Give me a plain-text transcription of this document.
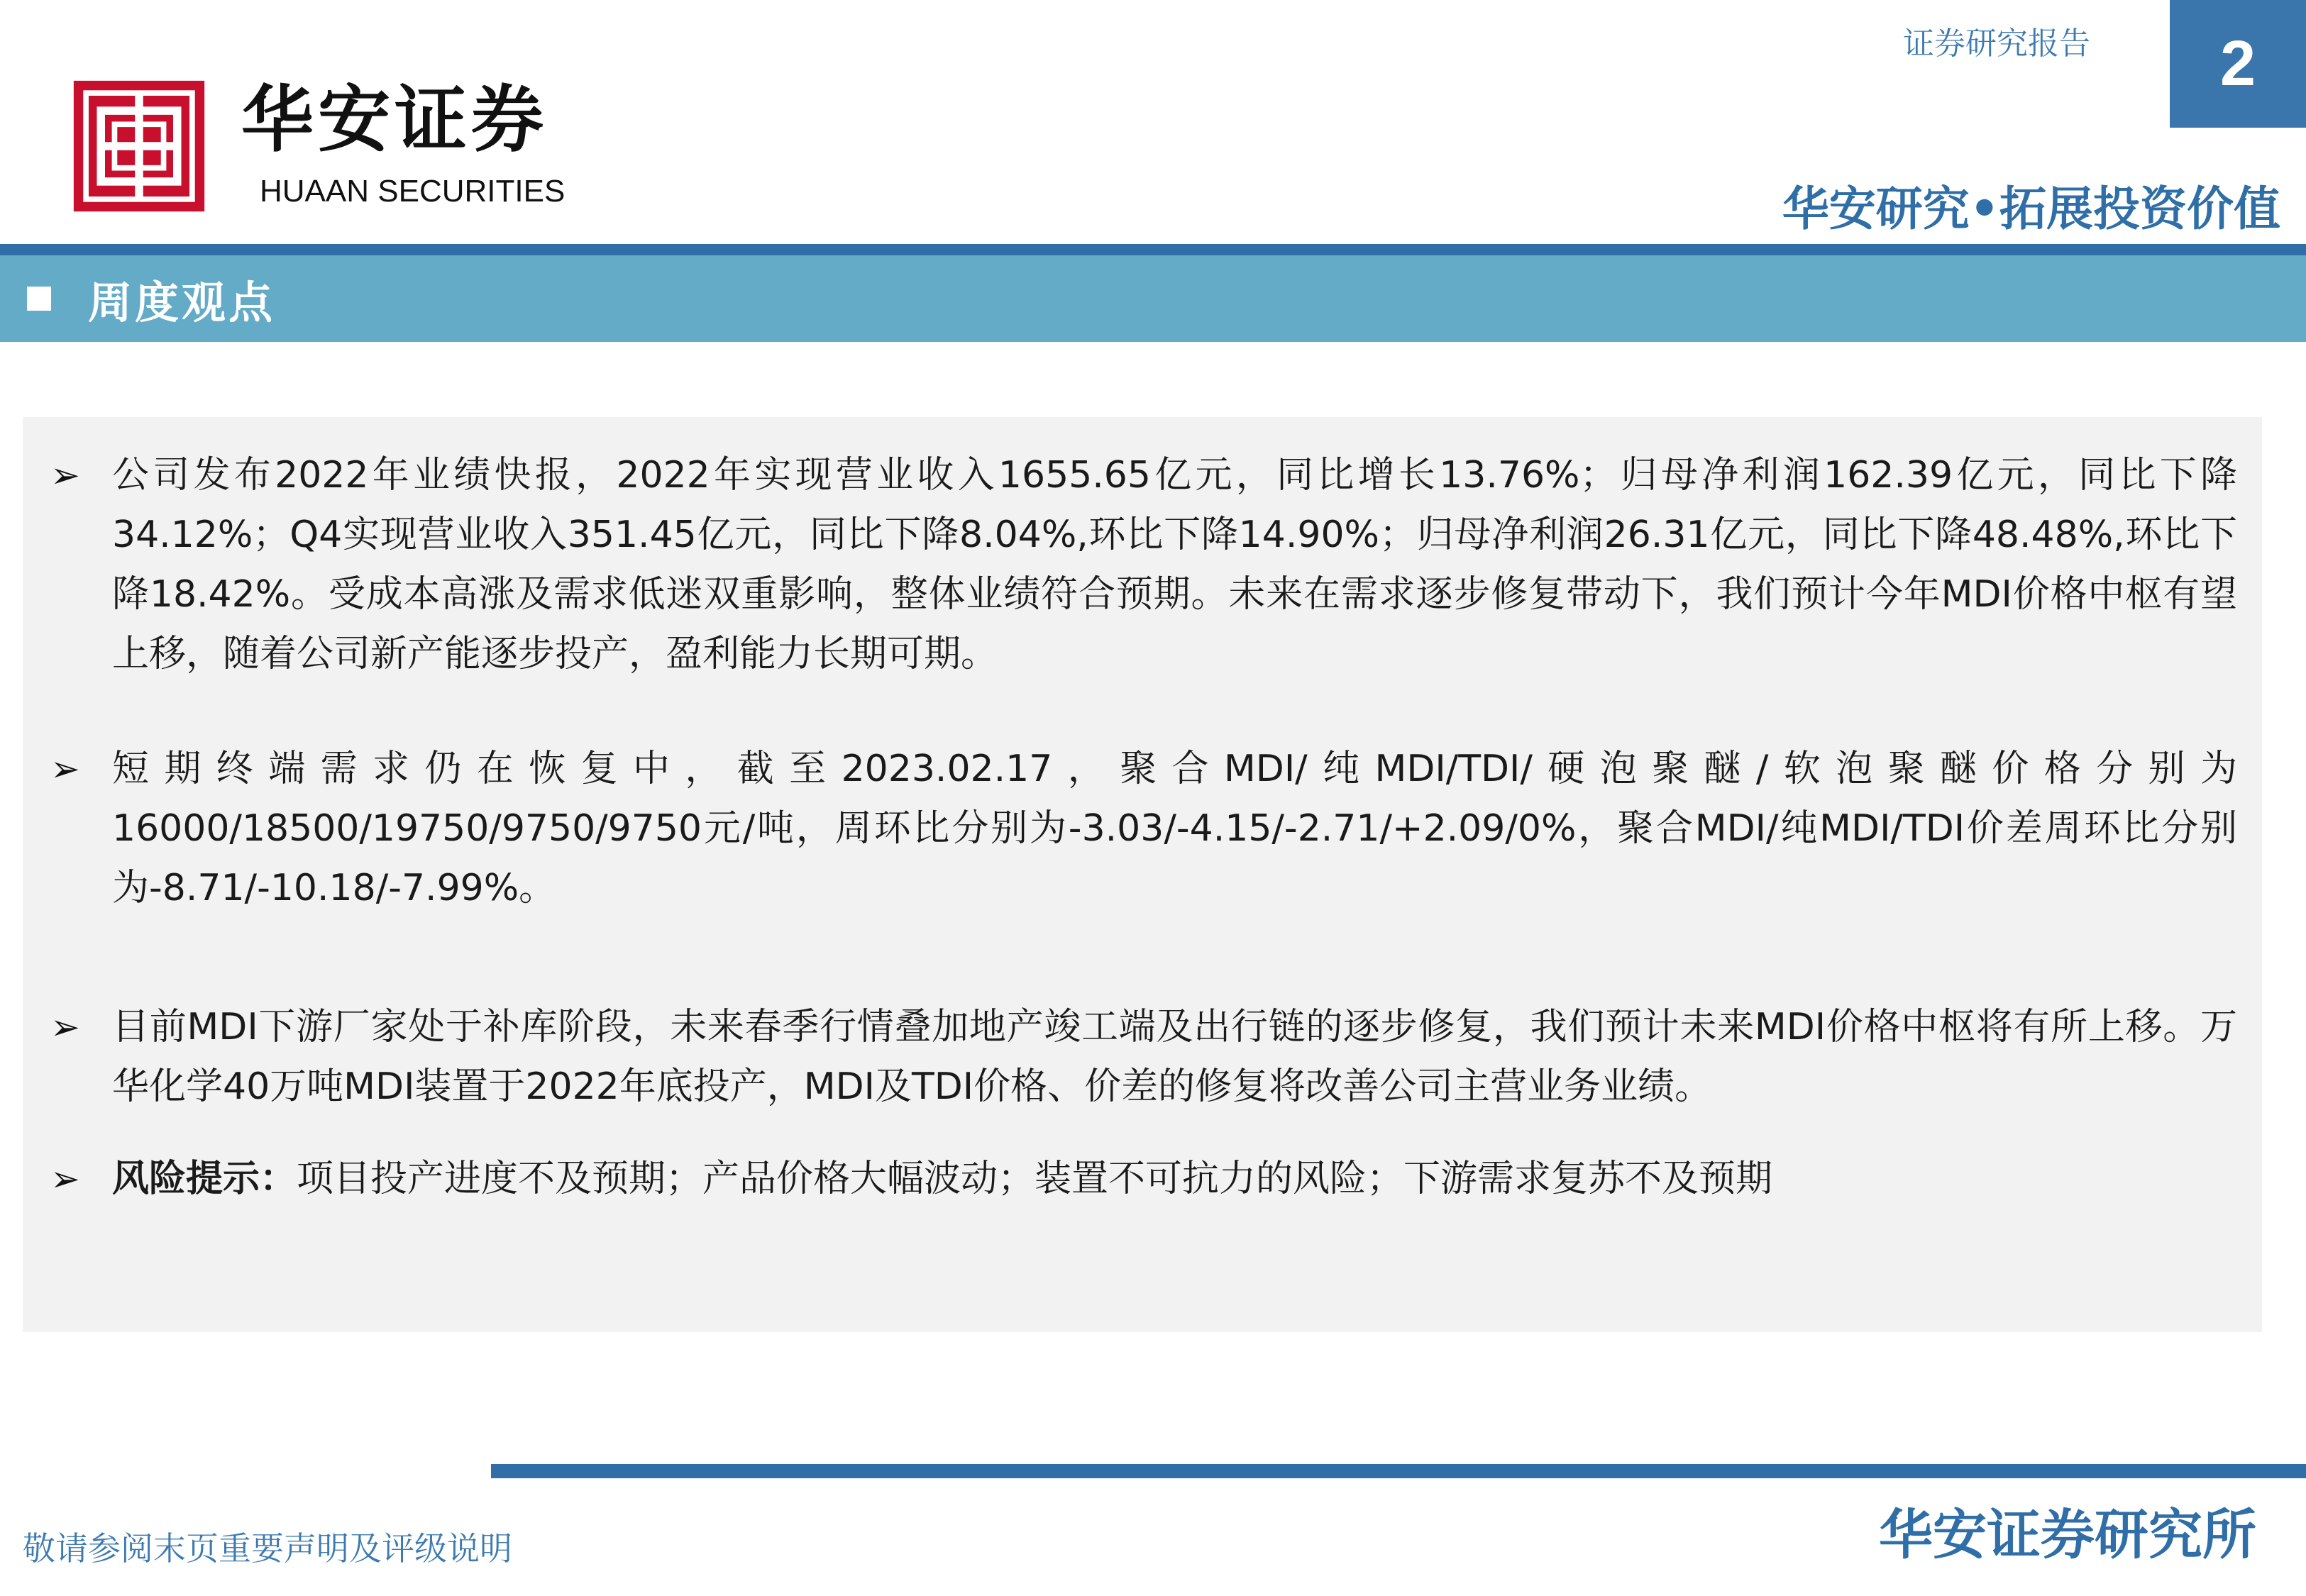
华安证券
HUAAN SECURITIES
证券研究报告	2
华安研究•拓展投资价值
周度观点
➢ 公司发布2022年业绩快报，2022年实现营业收入1655.65亿元，同比增长13.76%；归母净利润162.39亿元，同比下降34.12%；Q4实现营业收入351.45亿元，同比下降8.04%,环比下降14.90%；归母净利润26.31亿元，同比下降48.48%,环比下降18.42%。受成本高涨及需求低迷双重影响，整体业绩符合预期。未来在需求逐步修复带动下，我们预计今年MDI价格中枢有望上移，随着公司新产能逐步投产，盈利能力长期可期。
➢ 短期终端需求仍在恢复中，截至2023.02.17，聚合MDI/纯MDI/TDI/硬泡聚醚/软泡聚醚价格分别为16000/18500/19750/9750/9750元/吨，周环比分别为-3.03/-4.15/-2.71/+2.09/0%，聚合MDI/纯MDI/TDI价差周环比分别为-8.71/-10.18/-7.99%。
➢ 目前MDI下游厂家处于补库阶段，未来春季行情叠加地产竣工端及出行链的逐步修复，我们预计未来MDI价格中枢将有所上移。万华化学40万吨MDI装置于2022年底投产，MDI及TDI价格、价差的修复将改善公司主营业务业绩。
➢ 风险提示：项目投产进度不及预期；产品价格大幅波动；装置不可抗力的风险；下游需求复苏不及预期
敬请参阅末页重要声明及评级说明	华安证券研究所
